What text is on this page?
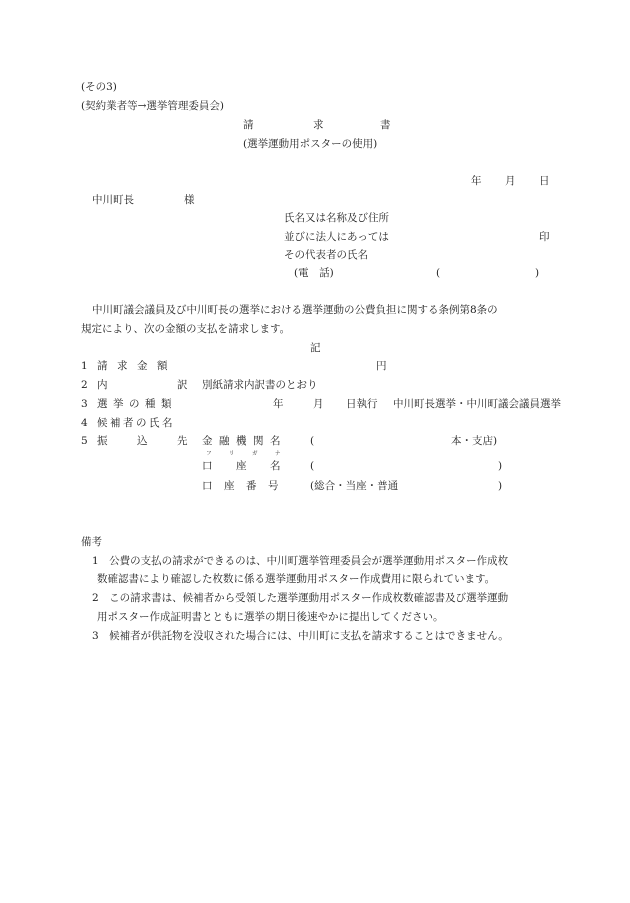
(その3)
(契約業者等→選挙管理委員会)
請	求	書
(選挙運動用ポスターの使用)
年 月 日
中川町長	様
氏名又は名称及び住所
並びに法人にあっては	印
その代表者の氏名
(電　話)	(	)
中川町議会議員及び中川町長の選挙における選挙運動の公費負担に関する条例第8条の
規定により、次の金額の支払を請求します。
記
1 請 求 金 額	円
2 内	訳 別紙請求内訳書のとおり
3 選 挙 の 種 類	年	月 日執行 中川町長選挙・中川町議会議員選挙
4 候 補 者 の 氏 名
5 振	込	先 金 融 機 関 名	(	本・支店)
フ	リ	ガ	ナ
口 座 名	(	)
口 座 番 号	(総合・当座・普通	)
備考
1　公費の支払の請求ができるのは、中川町選挙管理委員会が選挙運動用ポスター作成枚
数確認書により確認した枚数に係る選挙運動用ポスター作成費用に限られています。
2　この請求書は、候補者から受領した選挙運動用ポスター作成枚数確認書及び選挙運動
用ポスター作成証明書とともに選挙の期日後速やかに提出してください。
3　候補者が供託物を没収された場合には、中川町に支払を請求することはできません。
